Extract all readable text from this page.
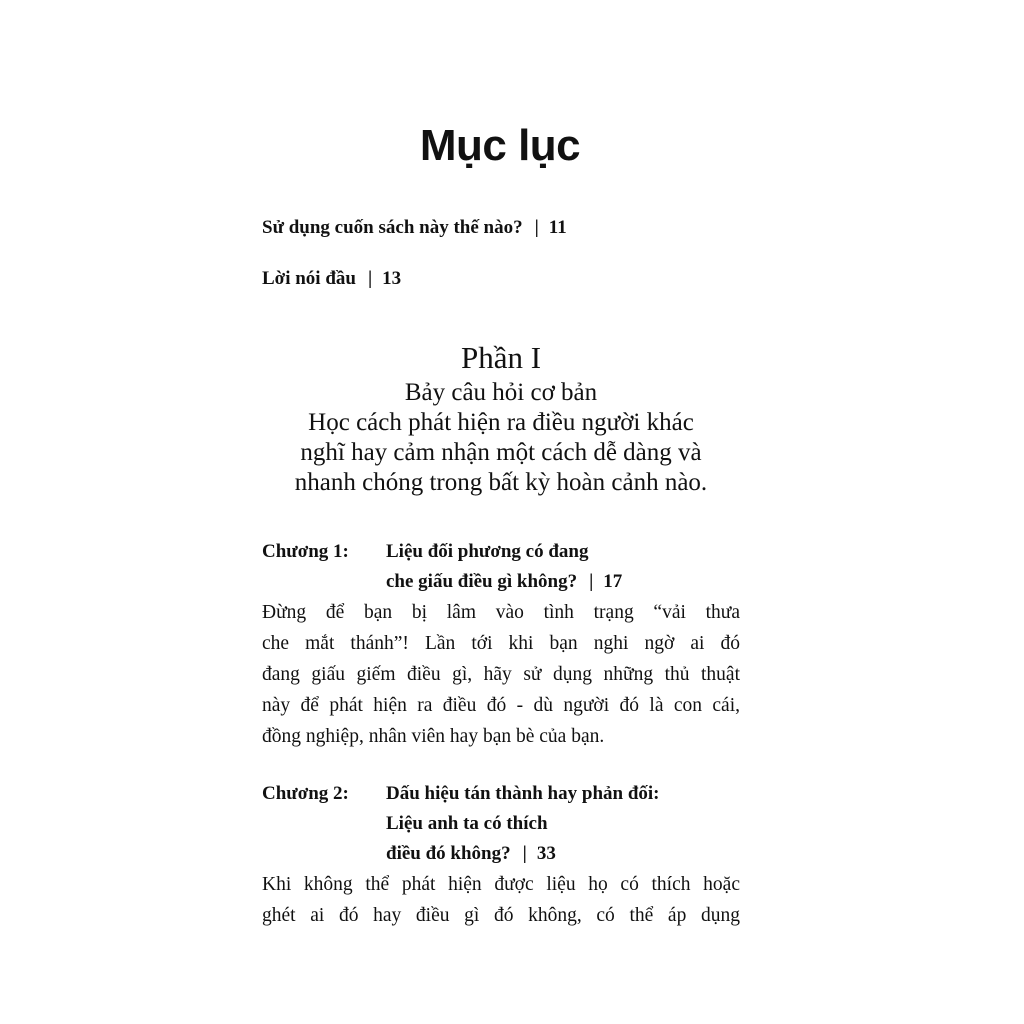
Mục lục
Sử dụng cuốn sách này thế nào? | 11
Lời nói đầu | 13
Phần I
Bảy câu hỏi cơ bản
Học cách phát hiện ra điều người khác
nghĩ hay cảm nhận một cách dễ dàng và
nhanh chóng trong bất kỳ hoàn cảnh nào.
Chương 1:	Liệu đối phương có đang
che giấu điều gì không? | 17
Đừng để bạn bị lâm vào tình trạng “vải thưa
che mắt thánh”! Lần tới khi bạn nghi ngờ ai đó
đang giấu giếm điều gì, hãy sử dụng những thủ thuật
này để phát hiện ra điều đó - dù người đó là con cái,
đồng nghiệp, nhân viên hay bạn bè của bạn.
Chương 2:	Dấu hiệu tán thành hay phản đối:
Liệu anh ta có thích
điều đó không? | 33
Khi không thể phát hiện được liệu họ có thích hoặc
ghét ai đó hay điều gì đó không, có thể áp dụng
